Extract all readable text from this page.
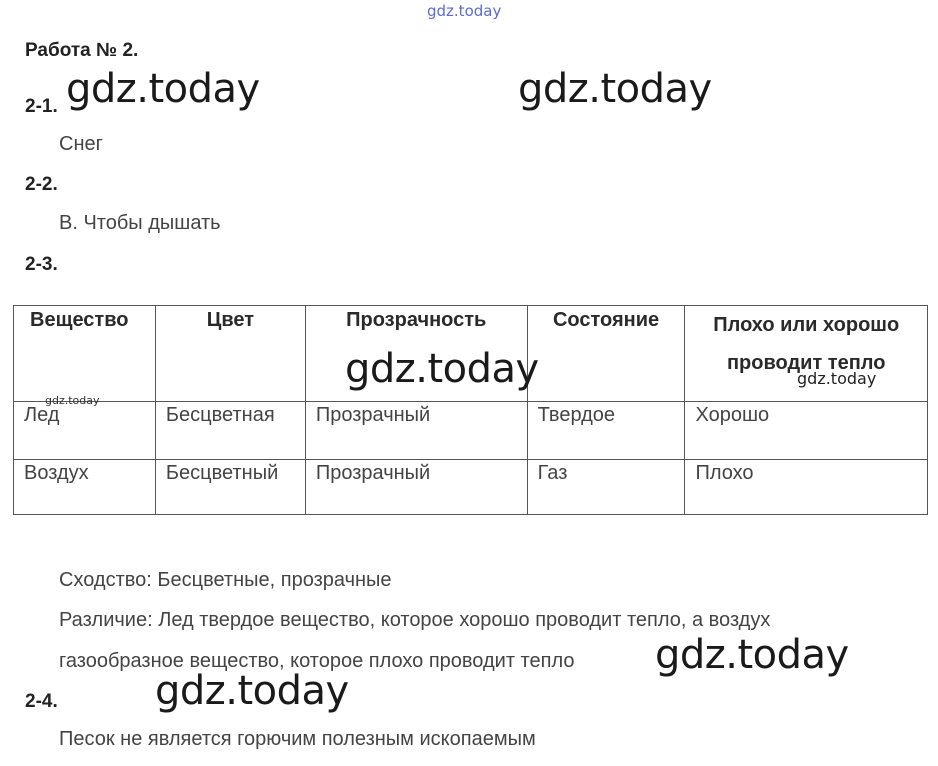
gdz.today
Работа № 2.
2-1. gdz.today	gdz.today
Снег
2-2.
В. Чтобы дышать
2-3.
Вещество	Цвет	Прозрачность	Состояние	Плохо или хорошо проводит тепло
Лед	Бесцветная	Прозрачный	Твердое	Хорошо
Воздух	Бесцветный	Прозрачный	Газ	Плохо
gdz.today	gdz.today
gdz.today
Сходство: Бесцветные, прозрачные
Различие: Лед твердое вещество, которое хорошо проводит тепло, а воздух
газообразное вещество, которое плохо проводит тепло gdz.today
2-4. gdz.today
Песок не является горючим полезным ископаемым
